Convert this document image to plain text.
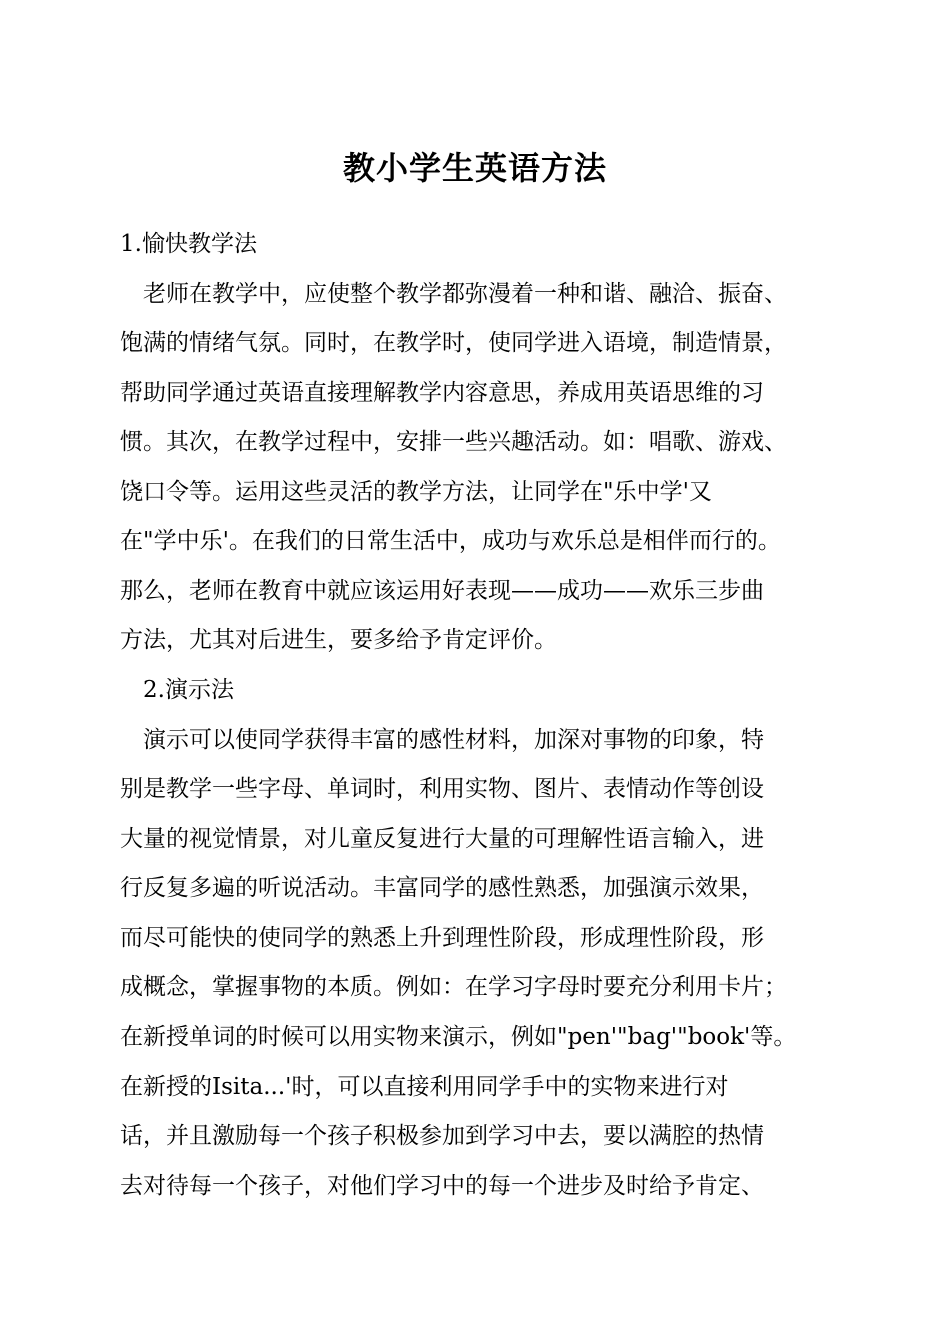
教小学生英语方法
1.愉快教学法
　老师在教学中，应使整个教学都弥漫着一种和谐、融洽、振奋、
饱满的情绪气氛。同时，在教学时，使同学进入语境，制造情景，
帮助同学通过英语直接理解教学内容意思，养成用英语思维的习
惯。其次，在教学过程中，安排一些兴趣活动。如：唱歌、游戏、
饶口令等。运用这些灵活的教学方法，让同学在"乐中学'又
在"学中乐'。在我们的日常生活中，成功与欢乐总是相伴而行的。
那么，老师在教育中就应该运用好表现——成功——欢乐三步曲
方法，尤其对后进生，要多给予肯定评价。
　2.演示法
　演示可以使同学获得丰富的感性材料，加深对事物的印象，特
别是教学一些字母、单词时，利用实物、图片、表情动作等创设
大量的视觉情景，对儿童反复进行大量的可理解性语言输入，进
行反复多遍的听说活动。丰富同学的感性熟悉，加强演示效果，
而尽可能快的使同学的熟悉上升到理性阶段，形成理性阶段，形
成概念，掌握事物的本质。例如：在学习字母时要充分利用卡片；
在新授单词的时候可以用实物来演示，例如"pen'"bag'"book'等。
在新授的Isita...'时，可以直接利用同学手中的实物来进行对
话，并且激励每一个孩子积极参加到学习中去，要以满腔的热情
去对待每一个孩子，对他们学习中的每一个进步及时给予肯定、
